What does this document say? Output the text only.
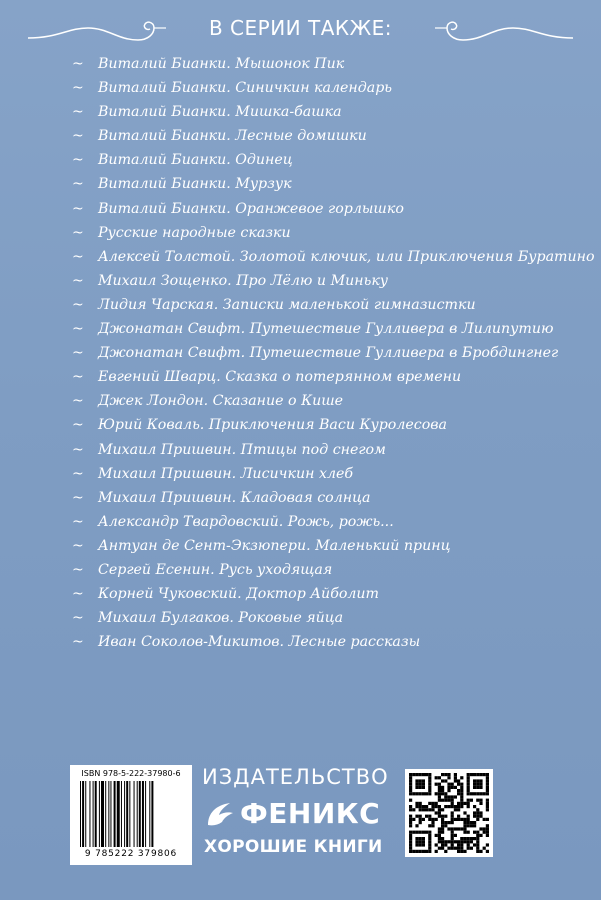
В СЕРИИ ТАКЖЕ:
~ Виталий Бианки. Мышонок Пик
~ Виталий Бианки. Синичкин календарь
~ Виталий Бианки. Мишка-башка
~ Виталий Бианки. Лесные домишки
~ Виталий Бианки. Одинец
~ Виталий Бианки. Мурзук
~ Виталий Бианки. Оранжевое горлышко
~ Русские народные сказки
~ Алексей Толстой. Золотой ключик, или Приключения Буратино
~ Михаил Зощенко. Про Лёлю и Миньку
~ Лидия Чарская. Записки маленькой гимназистки
~ Джонатан Свифт. Путешествие Гулливера в Лилипутию
~ Джонатан Свифт. Путешествие Гулливера в Бробдингнег
~ Евгений Шварц. Сказка о потерянном времени
~ Джек Лондон. Сказание о Кише
~ Юрий Коваль. Приключения Васи Куролесова
~ Михаил Пришвин. Птицы под снегом
~ Михаил Пришвин. Лисичкин хлеб
~ Михаил Пришвин. Кладовая солнца
~ Александр Твардовский. Рожь, рожь...
~ Антуан де Сент-Экзюпери. Маленький принц
~ Сергей Есенин. Русь уходящая
~ Корней Чуковский. Доктор Айболит
~ Михаил Булгаков. Роковые яйца
~ Иван Соколов-Микитов. Лесные рассказы
ISBN 978-5-222-37980-6
9 785222 379806
ИЗДАТЕЛЬСТВО
ФЕНИКС
ХОРОШИЕ КНИГИ
